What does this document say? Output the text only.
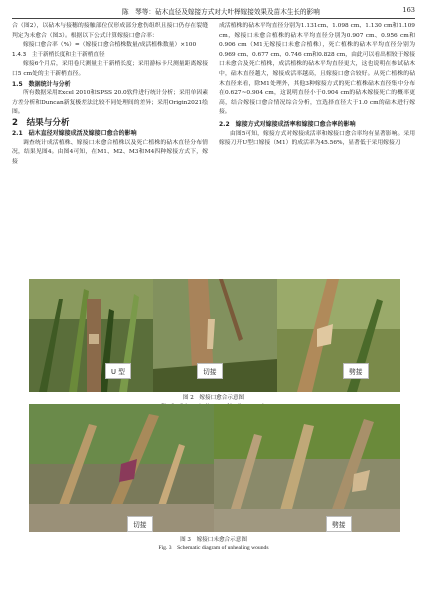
陈　琴等：砧木直径及嫁接方式对大叶榉嫁接效果及苗木生长的影响	163

合（图2），以砧木与接穗的接触部位仅形成部分愈伤组织且接口仍存在裂缝判定为未愈合（图3）。根据以下公式计算嫁接口愈合率：

嫁接口愈合率（%）=（嫁接口愈合植株数量/成活植株数量）×100

1.4.3　主干新梢长度和主干新梢直径

嫁接6个月后，采用卷尺测量主干新梢长度；采用游标卡尺测量距离嫁接口5 cm处的主干新梢直径。

1.5　数据统计与分析

所有数据采用Excel 2010和SPSS 20.0软件进行统计分析；采用单因素方差分析和Duncan新复极差法比较不同处理间的差异；采用Origin2021绘图。

2　结果与分析

2.1　砧木直径对嫁接成活及嫁接口愈合的影响

调查统计成活植株、嫁接口未愈合植株以及死亡植株的砧木直径分布情况，结果见图4。由图4可知，在M1、M2、M3和M4四种嫁接方式下，嫁接

成活植株的砧木平均直径分别为1.131cm、1.098 cm、1.130 cm和1.109 cm，嫁接口未愈合植株的砧木平均直径分别为0.907 cm、0.956 cm和0.906 cm（M1无嫁接口未愈合植株），死亡植株的砧木平均直径分别为0.969 cm、0.677 cm、0.746 cm和0.828 cm，由此可以看出相较于嫁接口未愈合及死亡植株，成活植株的砧木平均直径更大，这也说明在参试砧木中，砧木直径越大，嫁接成活率越高，且嫁接口愈合较好。从死亡植株的砧木直径来看，除M1处理外，其他3种嫁接方式的死亡植株砧木直径集中分布在0.627~0.904 cm，这说明直径小于0.904 cm的砧木嫁接死亡的概率更高，结合嫁接口愈合情况综合分析，宜选择直径大于1.0 cm的砧木进行嫁接。

2.2　嫁接方式对嫁接成活率和嫁接口愈合率的影响

由图5可知，嫁接方式对嫁接成活率和嫁接口愈合率均有显著影响。采用嫁接刀开U型口嫁接（M1）的成活率为45.56%，显著低于采用嫁接刀

U 型	切接	劈接
图 2　嫁接口愈合示意图
切接	劈接
图 3　嫁接口未愈合示意图
Fig. 3　Schematic diagram of unhealing wounds
